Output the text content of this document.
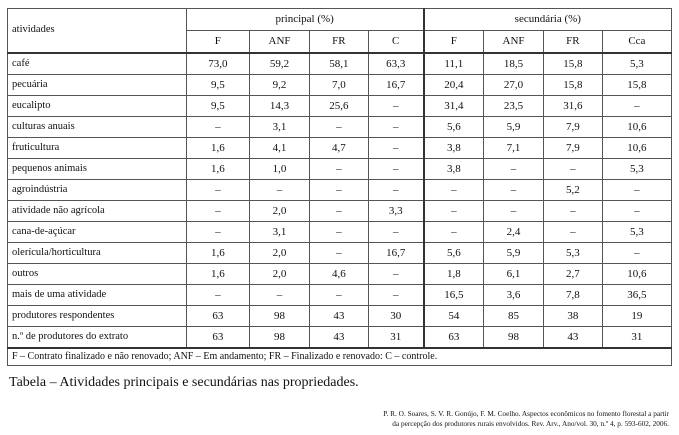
atividades	principal (%)				secundária (%)			
	F	ANF	FR	C	F	ANF	FR	Cca
café	73,0	59,2	58,1	63,3	11,1	18,5	15,8	5,3
pecuária	9,5	9,2	7,0	16,7	20,4	27,0	15,8	15,8
eucalipto	9,5	14,3	25,6	–	31,4	23,5	31,6	–
culturas anuais	–	3,1	–	–	5,6	5,9	7,9	10,6
fruticultura	1,6	4,1	4,7	–	3,8	7,1	7,9	10,6
pequenos animais	1,6	1,0	–	–	3,8	–	–	5,3
agroindústria	–	–	–	–	–	–	5,2	–
atividade não agrícola	–	2,0	–	3,3	–	–	–	–
cana-de-açúcar	–	3,1	–	–	–	2,4	–	5,3
olerícula/horticultura	1,6	2,0	–	16,7	5,6	5,9	5,3	–
outros	1,6	2,0	4,6	–	1,8	6,1	2,7	10,6
mais de uma atividade	–	–	–	–	16,5	3,6	7,8	36,5
produtores respondentes	63	98	43	30	54	85	38	19
n.º de produtores do extrato	63	98	43	31	63	98	43	31
F – Contrato finalizado e não renovado; ANF – Em andamento; FR – Finalizado e renovado: C – controle.								
Tabela – Atividades principais e secundárias nas propriedades.
P. R. O. Soares, S. V. R. Gonújo, F. M. Coelho. Aspectos econômicos no fomento florestal a partir
da percepção dos produtores rurais envolvidos. Rev. Arv., Ano/vol. 30, n.º 4, p. 593-602, 2006.
